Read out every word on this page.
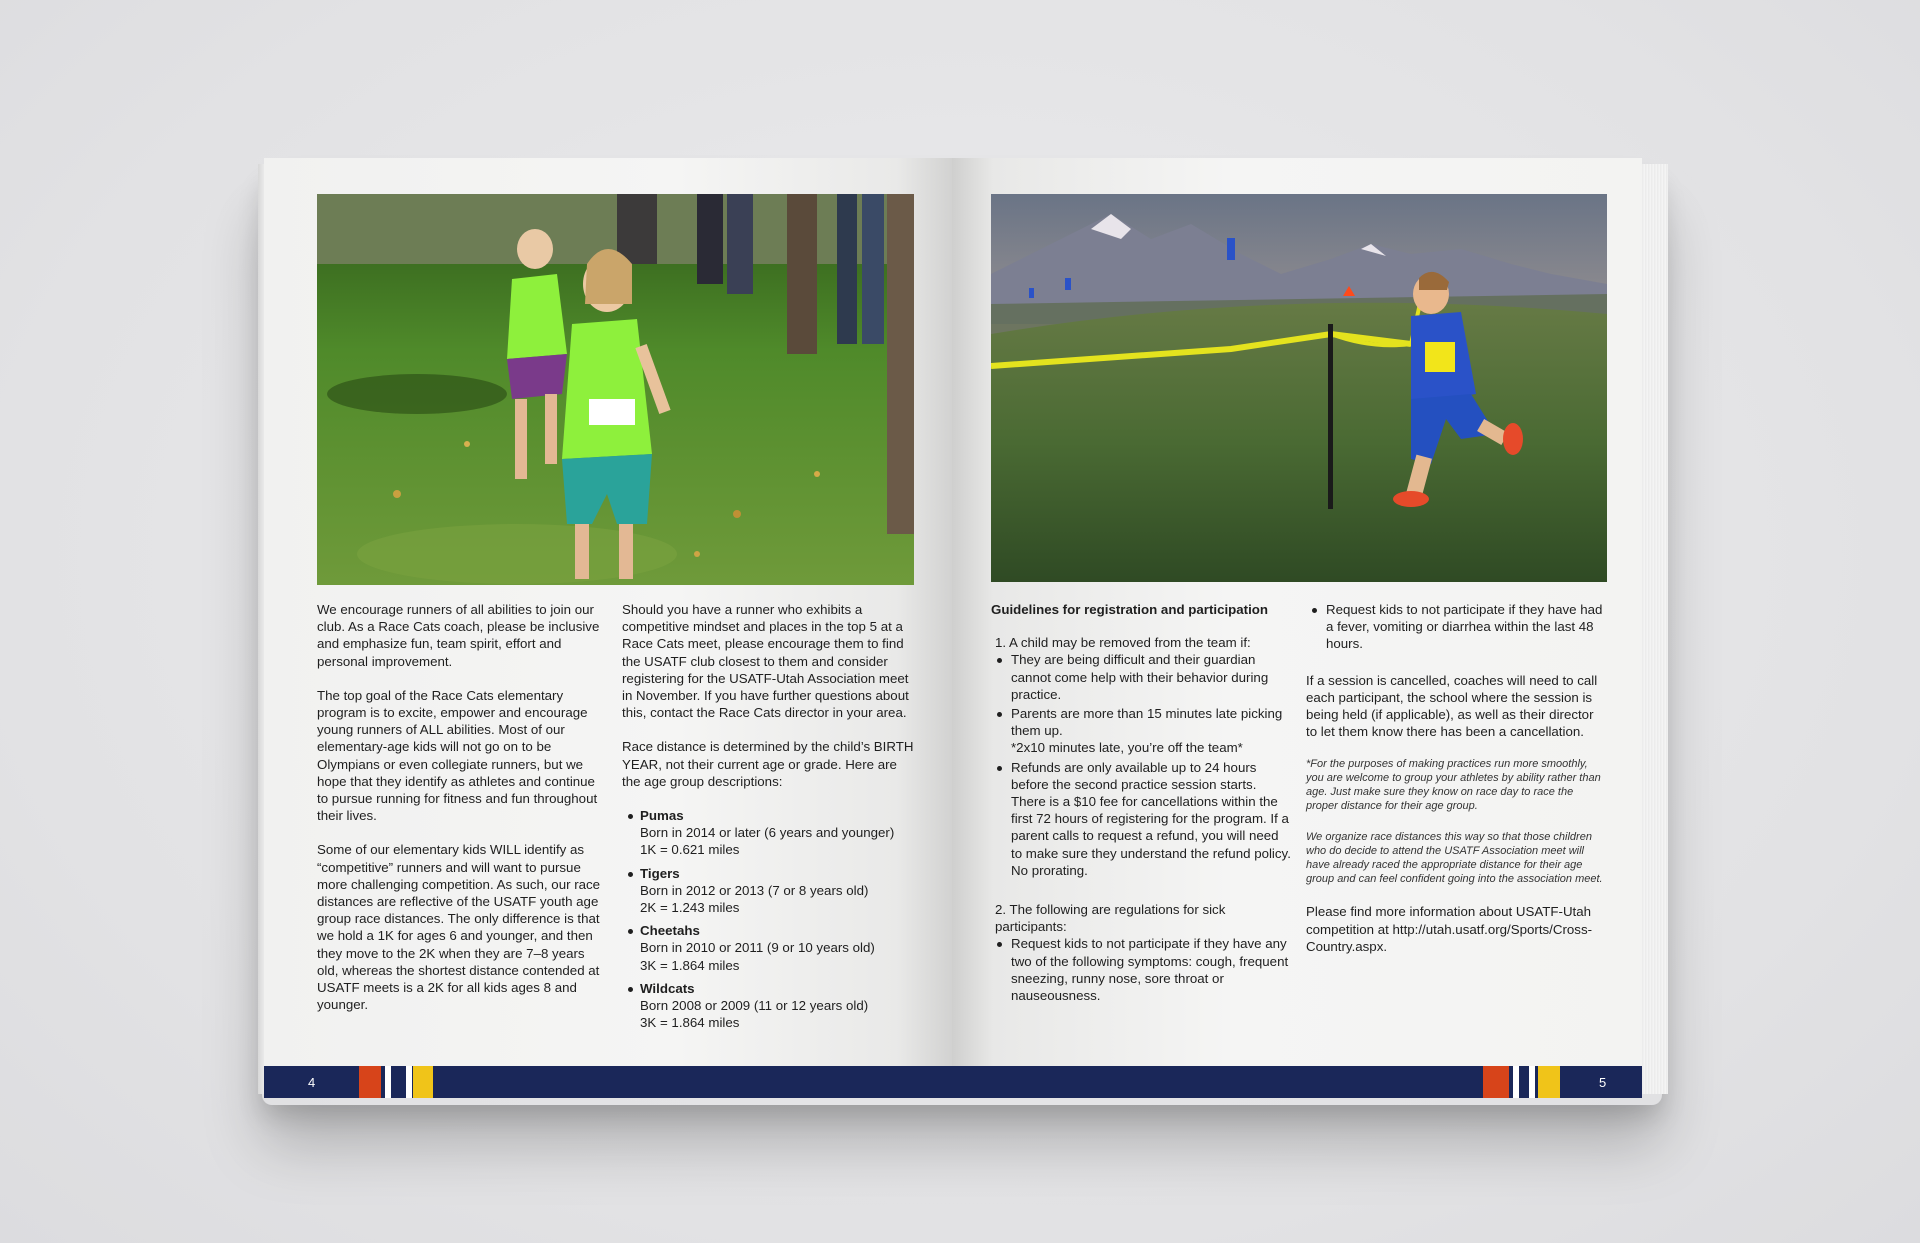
We encourage runners of all abilities to join our club. As a Race Cats coach, please be inclusive and emphasize fun, team spirit, effort and personal improvement.

The top goal of the Race Cats elementary program is to excite, empower and encourage young runners of ALL abilities. Most of our elementary-age kids will not go on to be Olympians or even collegiate runners, but we hope that they identify as athletes and continue to pursue running for fitness and fun throughout their lives.

Some of our elementary kids WILL identify as “competitive” runners and will want to pursue more challenging competition. As such, our race distances are reflective of the USATF youth age group race distances. The only difference is that we hold a 1K for ages 6 and younger, and then they move to the 2K when they are 7–8 years old, whereas the shortest distance contended at USATF meets is a 2K for all kids ages 8 and younger.

Should you have a runner who exhibits a competitive mindset and places in the top 5 at a Race Cats meet, please encourage them to find the USATF club closest to them and consider registering for the USATF-Utah Association meet in November. If you have further questions about this, contact the Race Cats director in your area.

Race distance is determined by the child’s BIRTH YEAR, not their current age or grade. Here are the age group descriptions:

Pumas
Born in 2014 or later (6 years and younger)
1K = 0.621 miles
Tigers
Born in 2012 or 2013 (7 or 8 years old)
2K = 1.243 miles
Cheetahs
Born in 2010 or 2011 (9 or 10 years old)
3K = 1.864 miles
Wildcats
Born 2008 or 2009 (11 or 12 years old)
3K = 1.864 miles
4
Guidelines for registration and participation
1. A child may be removed from the team if:
They are being difficult and their guardian cannot come help with their behavior during practice.
Parents are more than 15 minutes late picking them up.
*2x10 minutes late, you’re off the team*
Refunds are only available up to 24 hours before the second practice session starts. There is a $10 fee for cancellations within the first 72 hours of registering for the program. If a parent calls to request a refund, you will need to make sure they understand the refund policy. No prorating.
2. The following are regulations for sick participants:
Request kids to not participate if they have any two of the following symptoms: cough, frequent sneezing, runny nose, sore throat or nauseousness.
Request kids to not participate if they have had a fever, vomiting or diarrhea within the last 48 hours.

If a session is cancelled, coaches will need to call each participant, the school where the session is being held (if applicable), as well as their director to let them know there has been a cancellation.

*For the purposes of making practices run more smoothly, you are welcome to group your athletes by ability rather than age. Just make sure they know on race day to race the proper distance for their age group.

We organize race distances this way so that those children who do decide to attend the USATF Association meet will have already raced the appropriate distance for their age group and can feel confident going into the association meet.

Please find more information about USATF-Utah competition at http://utah.usatf.org/Sports/Cross-Country.aspx.

5
